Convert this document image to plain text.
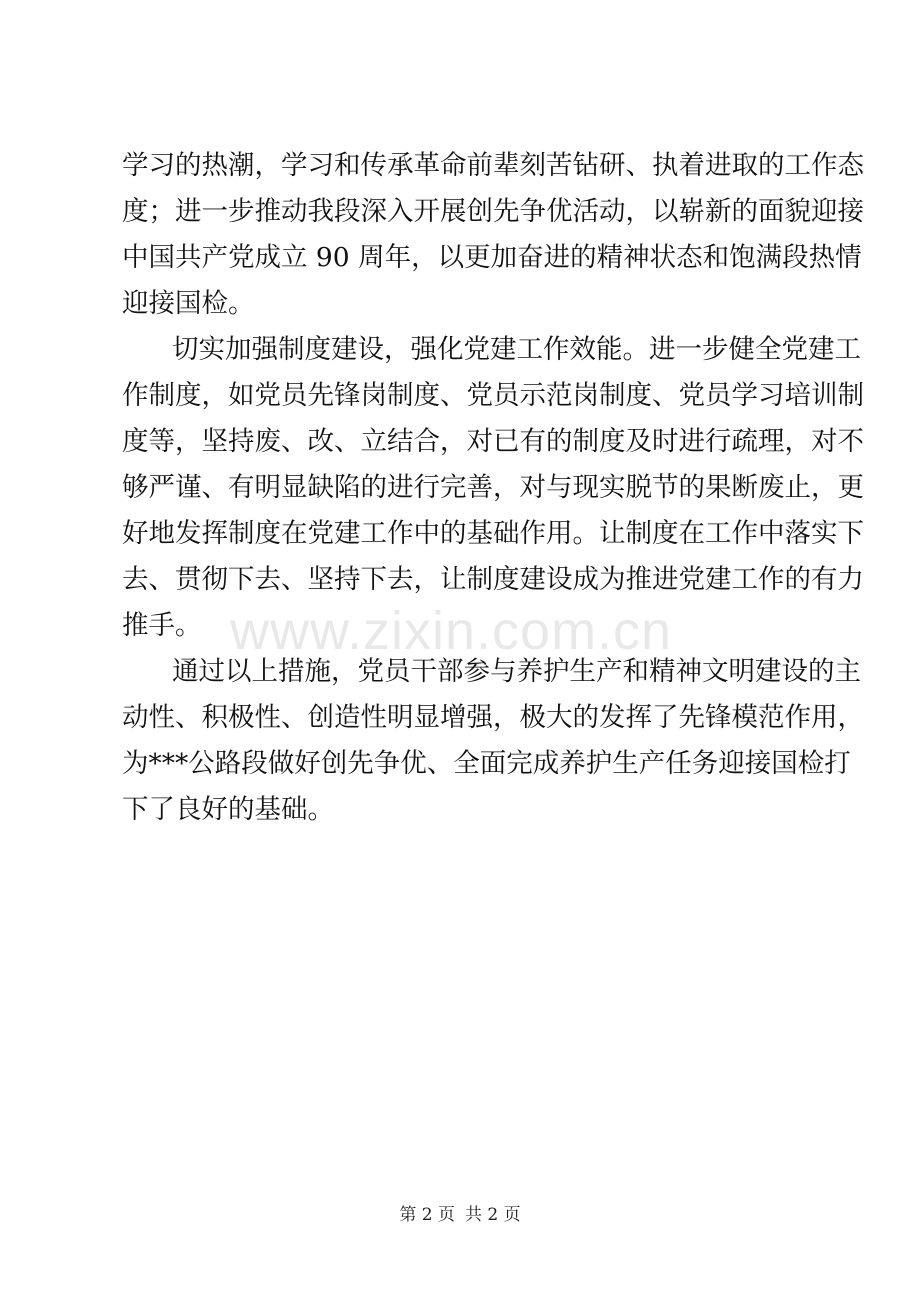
学习的热潮，学习和传承革命前辈刻苦钻研、执着进取的工作态
度；进一步推动我段深入开展创先争优活动，以崭新的面貌迎接
中国共产党成立 90 周年，以更加奋进的精神状态和饱满段热情
迎接国检。
切实加强制度建设，强化党建工作效能。进一步健全党建工
作制度，如党员先锋岗制度、党员示范岗制度、党员学习培训制
度等，坚持废、改、立结合，对已有的制度及时进行疏理，对不
够严谨、有明显缺陷的进行完善，对与现实脱节的果断废止，更
好地发挥制度在党建工作中的基础作用。让制度在工作中落实下
去、贯彻下去、坚持下去，让制度建设成为推进党建工作的有力
推手。
通过以上措施，党员干部参与养护生产和精神文明建设的主
动性、积极性、创造性明显增强，极大的发挥了先锋模范作用，
为***公路段做好创先争优、全面完成养护生产任务迎接国检打
下了良好的基础。
www.zixin.com.cn
第 2 页 共 2 页
